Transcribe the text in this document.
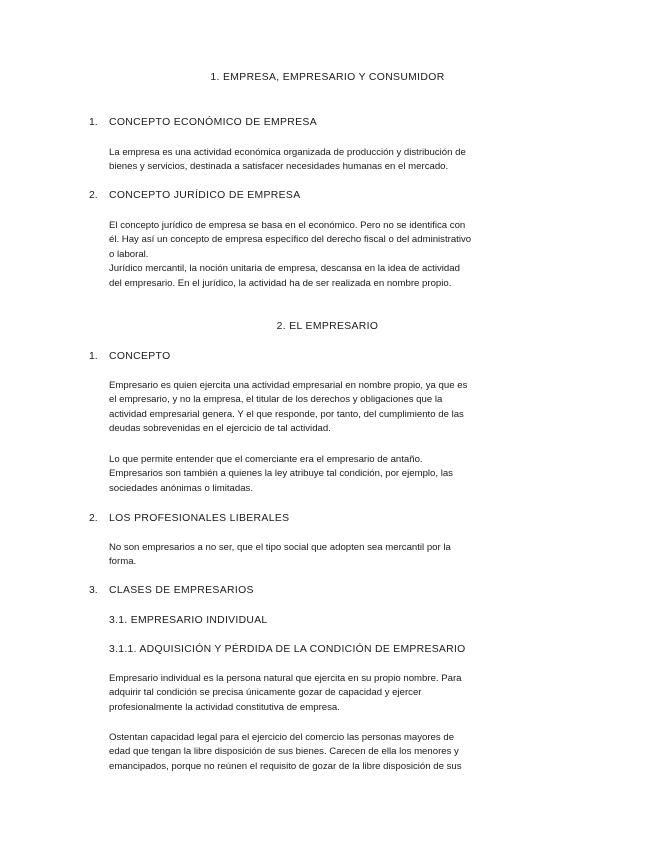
1. EMPRESA, EMPRESARIO Y CONSUMIDOR
1. CONCEPTO ECONÓMICO DE EMPRESA
La empresa es una actividad económica organizada de producción y distribución de
bienes y servicios, destinada a satisfacer necesidades humanas en el mercado.
2. CONCEPTO JURÍDICO DE EMPRESA
El concepto jurídico de empresa se basa en el económico. Pero no se identifica con
él. Hay así un concepto de empresa específico del derecho fiscal o del administrativo
o laboral.
Jurídico mercantil, la noción unitaria de empresa, descansa en la idea de actividad
del empresario. En el jurídico, la actividad ha de ser realizada en nombre propio.
2. EL EMPRESARIO
1. CONCEPTO
Empresario es quien ejercita una actividad empresarial en nombre propio, ya que es
el empresario, y no la empresa, el titular de los derechos y obligaciones que la
actividad empresarial genera. Y el que responde, por tanto, del cumplimiento de las
deudas sobrevenidas en el ejercicio de tal actividad.
Lo que permite entender que el comerciante era el empresario de antaño.
Empresarios son también a quienes la ley atribuye tal condición, por ejemplo, las
sociedades anónimas o limitadas.
2. LOS PROFESIONALES LIBERALES
No son empresarios a no ser, que el tipo social que adopten sea mercantil por la
forma.
3. CLASES DE EMPRESARIOS
3.1. EMPRESARIO INDIVIDUAL
3.1.1. ADQUISICIÓN Y PÉRDIDA DE LA CONDICIÓN DE EMPRESARIO
Empresario individual es la persona natural que ejercita en su propio nombre. Para
adquirir tal condición se precisa únicamente gozar de capacidad y ejercer
profesionalmente la actividad constitutiva de empresa.
Ostentan capacidad legal para el ejercicio del comercio las personas mayores de
edad que tengan la libre disposición de sus bienes. Carecen de ella los menores y
emancipados, porque no reúnen el requisito de gozar de la libre disposición de sus
